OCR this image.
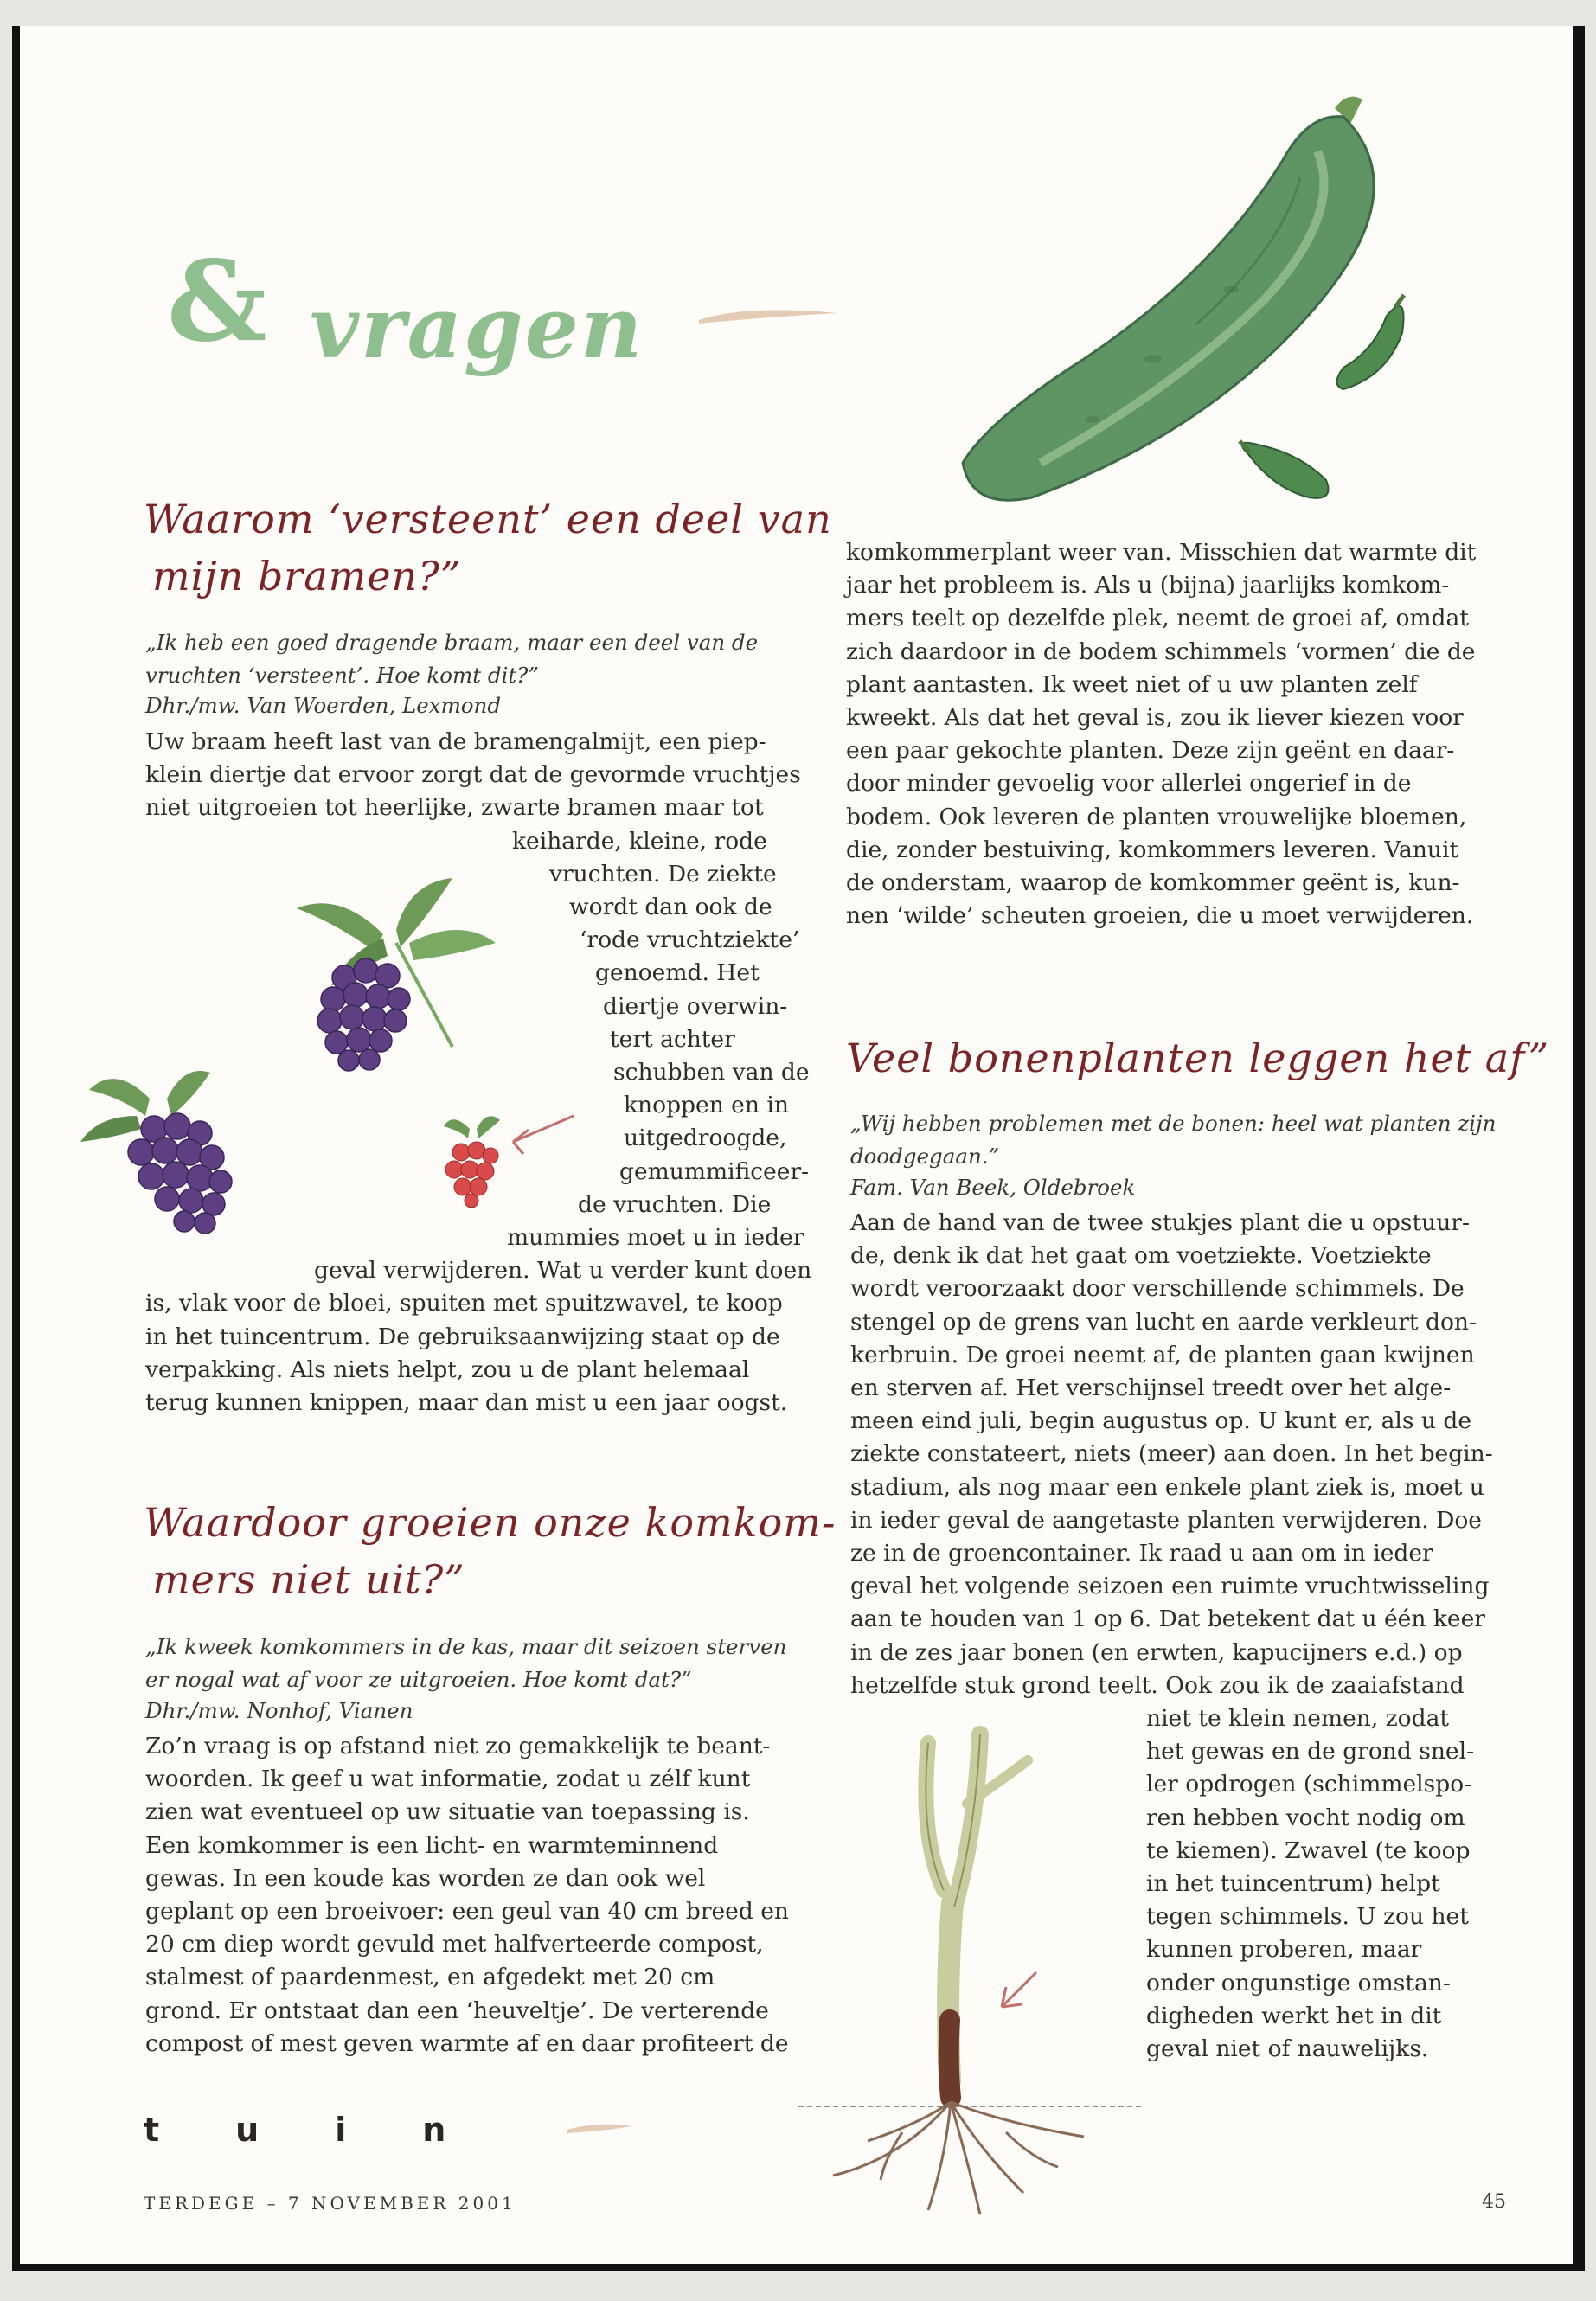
& vragen
Waarom ‘versteent’ een deel van
mijn bramen?”
„Ik heb een goed dragende braam, maar een deel van de
vruchten ‘versteent’. Hoe komt dit?”
Dhr./mw. Van Woerden, Lexmond
Uw braam heeft last van de bramengalmijt, een piep-
klein diertje dat ervoor zorgt dat de gevormde vruchtjes
niet uitgroeien tot heerlijke, zwarte bramen maar tot
keiharde, kleine, rode
vruchten. De ziekte
wordt dan ook de
‘rode vruchtziekte’
genoemd. Het
diertje overwin-
tert achter
schubben van de
knoppen en in
uitgedroogde,
gemummificeer-
de vruchten. Die
mummies moet u in ieder
geval verwijderen. Wat u verder kunt doen
is, vlak voor de bloei, spuiten met spuitzwavel, te koop
in het tuincentrum. De gebruiksaanwijzing staat op de
verpakking. Als niets helpt, zou u de plant helemaal
terug kunnen knippen, maar dan mist u een jaar oogst.
Waardoor groeien onze komkom-
mers niet uit?”
„Ik kweek komkommers in de kas, maar dit seizoen sterven
er nogal wat af voor ze uitgroeien. Hoe komt dat?”
Dhr./mw. Nonhof, Vianen
Zo’n vraag is op afstand niet zo gemakkelijk te beant-
woorden. Ik geef u wat informatie, zodat u zélf kunt
zien wat eventueel op uw situatie van toepassing is.
Een komkommer is een licht- en warmteminnend
gewas. In een koude kas worden ze dan ook wel
geplant op een broeivoer: een geul van 40 cm breed en
20 cm diep wordt gevuld met halfverteerde compost,
stalmest of paardenmest, en afgedekt met 20 cm
grond. Er ontstaat dan een ‘heuveltje’. De verterende
compost of mest geven warmte af en daar profiteert de
komkommerplant weer van. Misschien dat warmte dit
jaar het probleem is. Als u (bijna) jaarlijks komkom-
mers teelt op dezelfde plek, neemt de groei af, omdat
zich daardoor in de bodem schimmels ‘vormen’ die de
plant aantasten. Ik weet niet of u uw planten zelf
kweekt. Als dat het geval is, zou ik liever kiezen voor
een paar gekochte planten. Deze zijn geënt en daar-
door minder gevoelig voor allerlei ongerief in de
bodem. Ook leveren de planten vrouwelijke bloemen,
die, zonder bestuiving, komkommers leveren. Vanuit
de onderstam, waarop de komkommer geënt is, kun-
nen ‘wilde’ scheuten groeien, die u moet verwijderen.
Veel bonenplanten leggen het af”
„Wij hebben problemen met de bonen: heel wat planten zijn
doodgegaan.”
Fam. Van Beek, Oldebroek
Aan de hand van de twee stukjes plant die u opstuur-
de, denk ik dat het gaat om voetziekte. Voetziekte
wordt veroorzaakt door verschillende schimmels. De
stengel op de grens van lucht en aarde verkleurt don-
kerbruin. De groei neemt af, de planten gaan kwijnen
en sterven af. Het verschijnsel treedt over het alge-
meen eind juli, begin augustus op. U kunt er, als u de
ziekte constateert, niets (meer) aan doen. In het begin-
stadium, als nog maar een enkele plant ziek is, moet u
in ieder geval de aangetaste planten verwijderen. Doe
ze in de groencontainer. Ik raad u aan om in ieder
geval het volgende seizoen een ruimte vruchtwisseling
aan te houden van 1 op 6. Dat betekent dat u één keer
in de zes jaar bonen (en erwten, kapucijners e.d.) op
hetzelfde stuk grond teelt. Ook zou ik de zaaiafstand
niet te klein nemen, zodat
het gewas en de grond snel-
ler opdrogen (schimmelspo-
ren hebben vocht nodig om
te kiemen). Zwavel (te koop
in het tuincentrum) helpt
tegen schimmels. U zou het
kunnen proberen, maar
onder ongunstige omstan-
digheden werkt het in dit
geval niet of nauwelijks.
tuin
TERDEGE – 7 NOVEMBER 2001	45
